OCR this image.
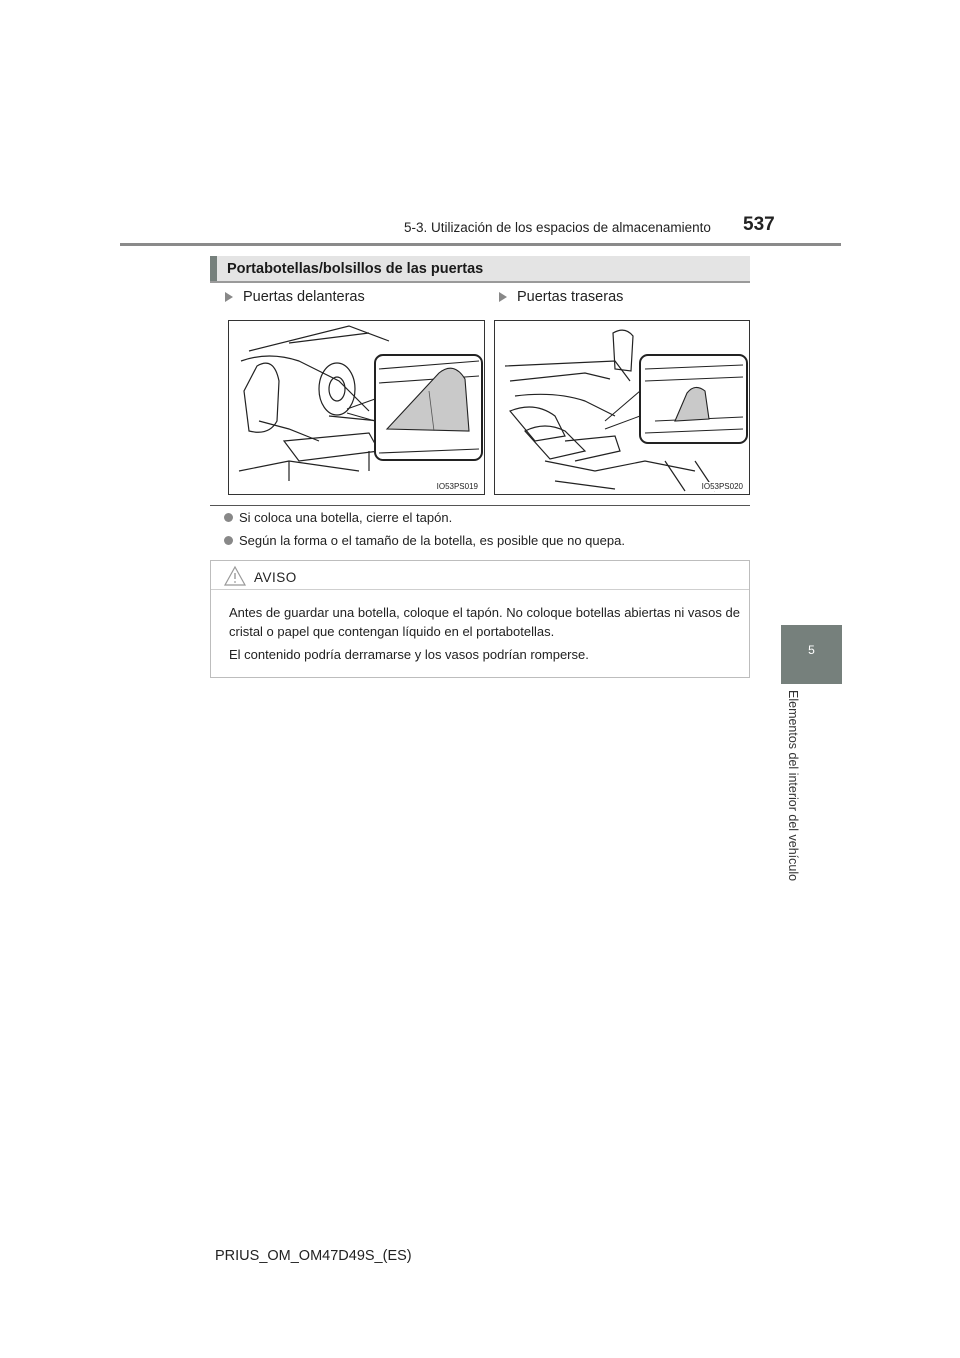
5-3. Utilización de los espacios de almacenamiento 537
5
Elementos del interior del vehículo
Portabotellas/bolsillos de las puertas
Puertas delanteras	Puertas traseras
IO53PS019	IO53PS020
Si coloca una botella, cierre el tapón.
Según la forma o el tamaño de la botella, es posible que no quepa.
AVISO

Antes de guardar una botella, coloque el tapón. No coloque botellas abiertas ni vasos de cristal o papel que contengan líquido en el portabotellas.

El contenido podría derramarse y los vasos podrían romperse.

PRIUS_OM_OM47D49S_(ES)
